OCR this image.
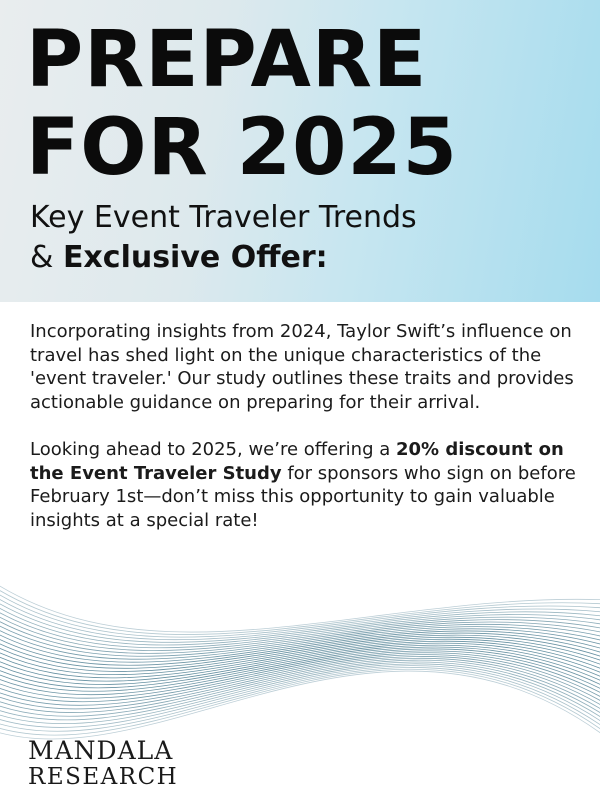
PREPARE
FOR 2025
Key Event Traveler Trends
& Exclusive Offer:

Incorporating insights from 2024, Taylor Swift’s influence on travel has shed light on the unique characteristics of the 'event traveler.' Our study outlines these traits and provides actionable guidance on preparing for their arrival.

Looking ahead to 2025, we’re offering a 20% discount on the Event Traveler Study for sponsors who sign on before February 1st—don’t miss this opportunity to gain valuable insights at a special rate!

MANDALA
RESEARCH
